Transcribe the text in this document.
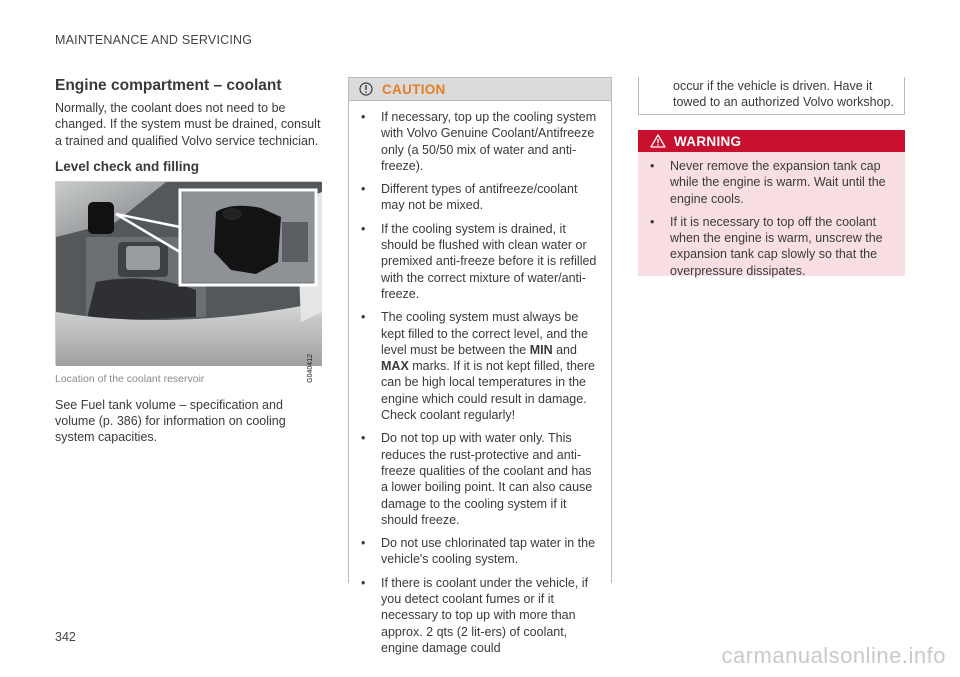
MAINTENANCE AND SERVICING
Engine compartment – coolant

Normally, the coolant does not need to be changed. If the system must be drained, consult a trained and qualified Volvo service technician.

Level check and filling
G040412
Location of the coolant reservoir

See Fuel tank volume – specification and volume (p. 386) for information on cooling system capacities.

CAUTION
• If necessary, top up the cooling system with Volvo Genuine Coolant/Antifreeze only (a 50/50 mix of water and anti-freeze).
• Different types of antifreeze/coolant may not be mixed.
• If the cooling system is drained, it should be flushed with clean water or premixed anti-freeze before it is refilled with the correct mixture of water/anti-freeze.
• The cooling system must always be kept filled to the correct level, and the level must be between the MIN and MAX marks. If it is not kept filled, there can be high local temperatures in the engine which could result in damage. Check coolant regularly!
• Do not top up with water only. This reduces the rust-protective and anti-freeze qualities of the coolant and has a lower boiling point. It can also cause damage to the cooling system if it should freeze.
• Do not use chlorinated tap water in the vehicle's cooling system.
• If there is coolant under the vehicle, if you detect coolant fumes or if it necessary to top up with more than approx. 2 qts (2 lit-ers) of coolant, engine damage could

occur if the vehicle is driven. Have it towed to an authorized Volvo workshop.

WARNING
• Never remove the expansion tank cap while the engine is warm. Wait until the engine cools.
• If it is necessary to top off the coolant when the engine is warm, unscrew the expansion tank cap slowly so that the overpressure dissipates.
342
carmanualsonline.info
